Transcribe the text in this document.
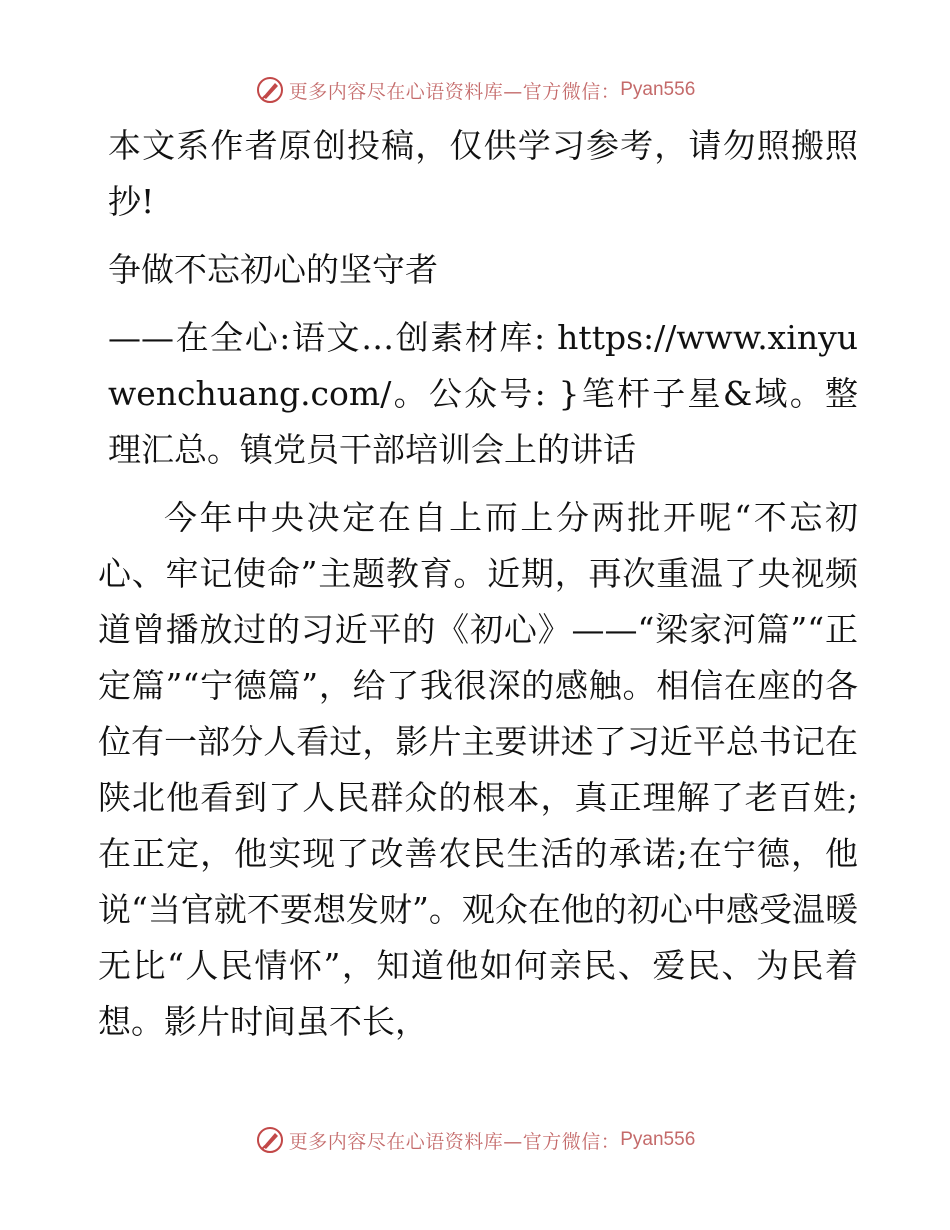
更多内容尽在心语资料库—官方微信： Pyan556

本文系作者原创投稿，仅供学习参考，请勿照搬照抄!

争做不忘初心的坚守者

——在全心:语文…创素材库: https://www.xinyuwenchuang.com/。公众号: }笔杆子星&域。整理汇总。镇党员干部培训会上的讲话

今年中央决定在自上而上分两批开呢“不忘初心、牢记使命”主题教育。近期，再次重温了央视频道曾播放过的习近平的《初心》——“梁家河篇”“正定篇”“宁德篇”，给了我很深的感触。相信在座的各位有一部分人看过，影片主要讲述了习近平总书记在陕北他看到了人民群众的根本，真正理解了老百姓;在正定，他实现了改善农民生活的承诺;在宁德，他说“当官就不要想发财”。观众在他的初心中感受温暖无比“人民情怀”，知道他如何亲民、爱民、为民着想。影片时间虽不长，

更多内容尽在心语资料库—官方微信： Pyan556
